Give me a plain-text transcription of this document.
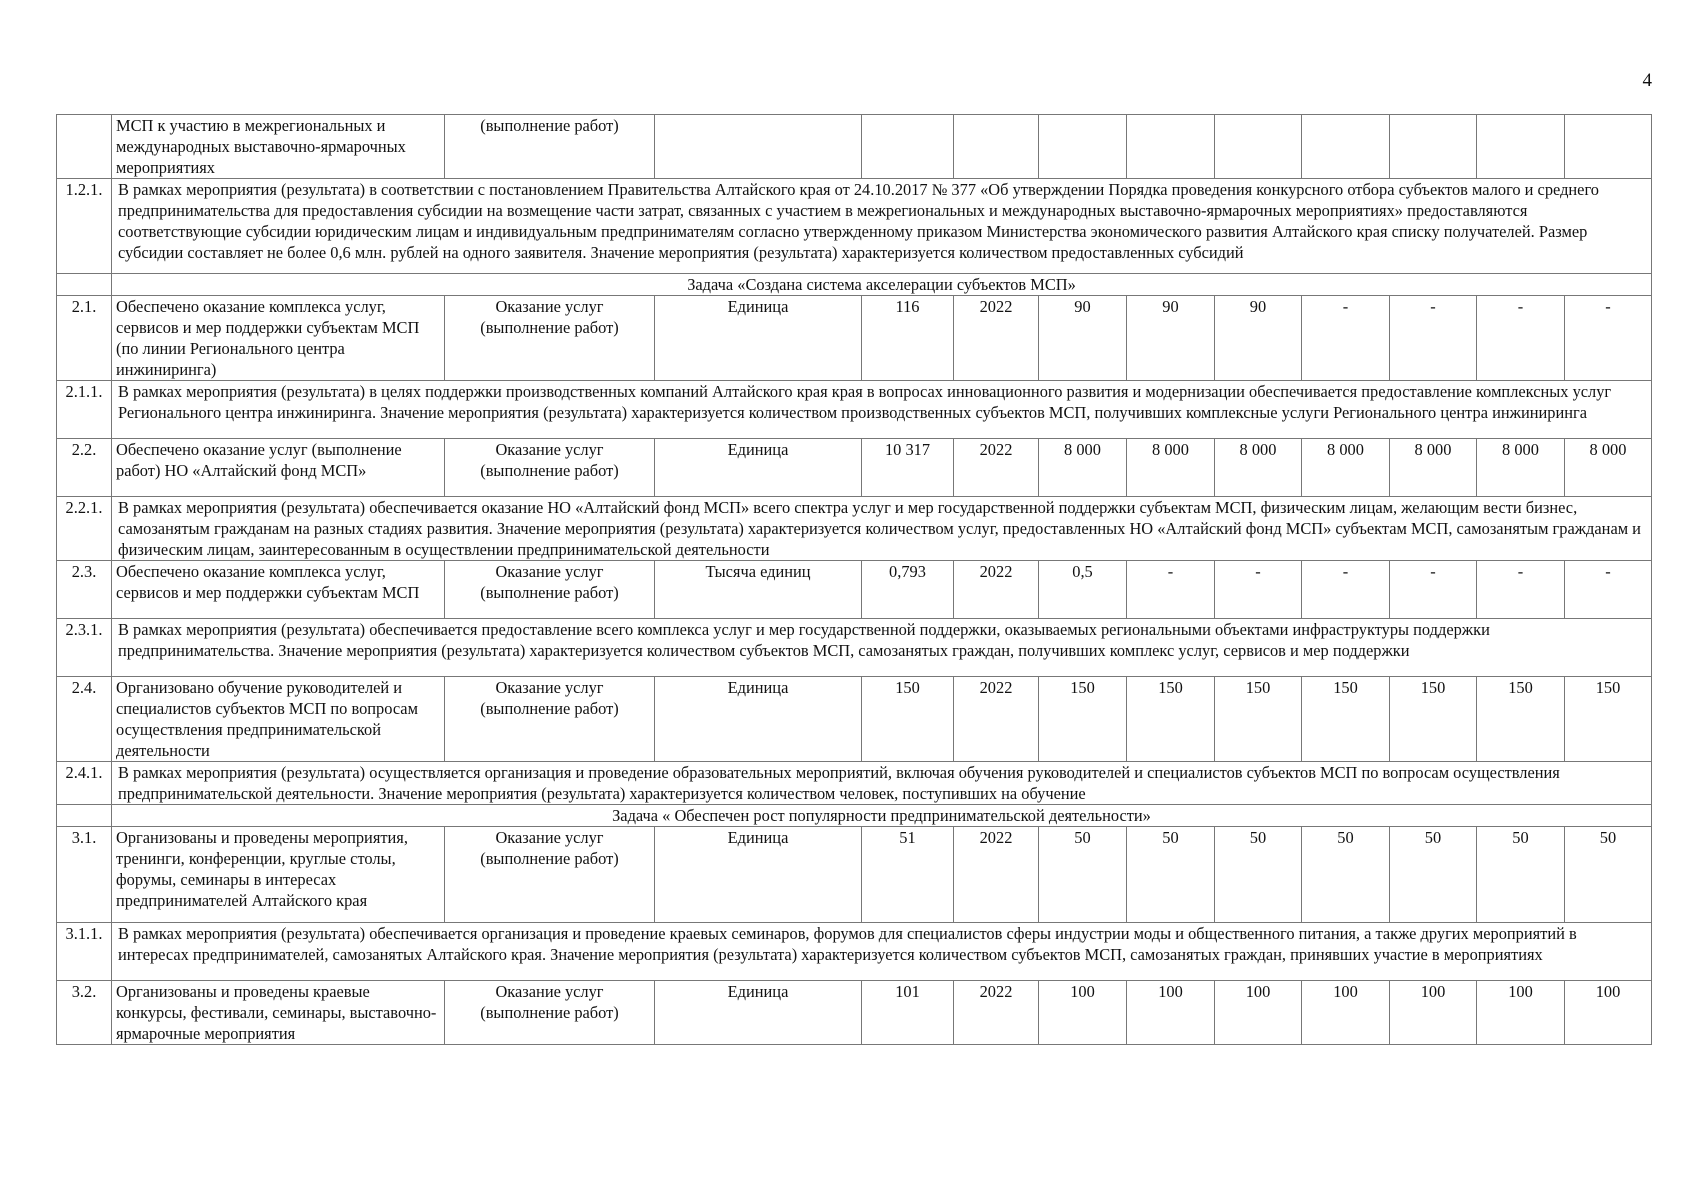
4
	МСП к участию в межрегиональных и международных выставочно-ярмарочных мероприятиях	(выполнение работ)										
1.2.1.	В рамках мероприятия (результата) в соответствии с постановлением Правительства Алтайского края от 24.10.2017 № 377 «Об утверждении Порядка проведения конкурсного отбора субъектов малого и среднего предпринимательства для предоставления субсидии на возмещение части затрат, связанных с участием в межрегиональных и международных выставочно-ярмарочных мероприятиях» предоставляются соответствующие субсидии юридическим лицам и индивидуальным предпринимателям согласно утвержденному приказом Министерства экономического развития Алтайского края списку получателей. Размер субсидии составляет не более 0,6 млн. рублей на одного заявителя. Значение мероприятия (результата) характеризуется количеством предоставленных субсидий											
	Задача «Создана система акселерации субъектов МСП»											
2.1.	Обеспечено оказание комплекса услуг, сервисов и мер поддержки субъектам МСП (по линии Регионального центра инжиниринга)	Оказание услуг (выполнение работ)	Единица	116	2022	90	90	90	-	-	-	-
2.1.1.	В рамках мероприятия (результата) в целях поддержки производственных компаний Алтайского края края в вопросах инновационного развития и модернизации обеспечивается предоставление комплексных услуг Регионального центра инжиниринга. Значение мероприятия (результата) характеризуется количеством производственных субъектов МСП, получивших комплексные услуги Регионального центра инжиниринга											
2.2.	Обеспечено оказание услуг (выполнение работ) НО «Алтайский фонд МСП»	Оказание услуг (выполнение работ)	Единица	10 317	2022	8 000	8 000	8 000	8 000	8 000	8 000	8 000
2.2.1.	В рамках мероприятия (результата) обеспечивается оказание НО «Алтайский фонд МСП» всего спектра услуг и мер государственной поддержки субъектам МСП, физическим лицам, желающим вести бизнес, самозанятым гражданам на разных стадиях развития. Значение мероприятия (результата) характеризуется количеством услуг, предоставленных НО «Алтайский фонд МСП» субъектам МСП, самозанятым гражданам и физическим лицам, заинтересованным в осуществлении предпринимательской деятельности											
2.3.	Обеспечено оказание комплекса услуг, сервисов и мер поддержки субъектам МСП	Оказание услуг (выполнение работ)	Тысяча единиц	0,793	2022	0,5	-	-	-	-	-	-
2.3.1.	В рамках мероприятия (результата) обеспечивается предоставление всего комплекса услуг и мер государственной поддержки, оказываемых региональными объектами инфраструктуры поддержки предпринимательства. Значение мероприятия (результата) характеризуется количеством субъектов МСП, самозанятых граждан, получивших комплекс услуг, сервисов и мер поддержки											
2.4.	Организовано обучение руководителей и специалистов субъектов МСП по вопросам осуществления предпринимательской деятельности	Оказание услуг (выполнение работ)	Единица	150	2022	150	150	150	150	150	150	150
2.4.1.	В рамках мероприятия (результата) осуществляется организация и проведение образовательных мероприятий, включая обучения руководителей и специалистов субъектов МСП по вопросам осуществления предпринимательской деятельности. Значение мероприятия (результата) характеризуется количеством человек, поступивших на обучение											
	Задача « Обеспечен рост популярности предпринимательской деятельности»											
3.1.	Организованы и проведены мероприятия, тренинги, конференции, круглые столы, форумы, семинары в интересах предпринимателей Алтайского края	Оказание услуг (выполнение работ)	Единица	51	2022	50	50	50	50	50	50	50
3.1.1.	В рамках мероприятия (результата) обеспечивается организация и проведение краевых семинаров, форумов для специалистов сферы индустрии моды и общественного питания, а также других мероприятий в интересах предпринимателей, самозанятых Алтайского края. Значение мероприятия (результата) характеризуется количеством субъектов МСП, самозанятых граждан, принявших участие в мероприятиях											
3.2.	Организованы и проведены краевые конкурсы, фестивали, семинары, выставочно-ярмарочные мероприятия	Оказание услуг (выполнение работ)	Единица	101	2022	100	100	100	100	100	100	100
